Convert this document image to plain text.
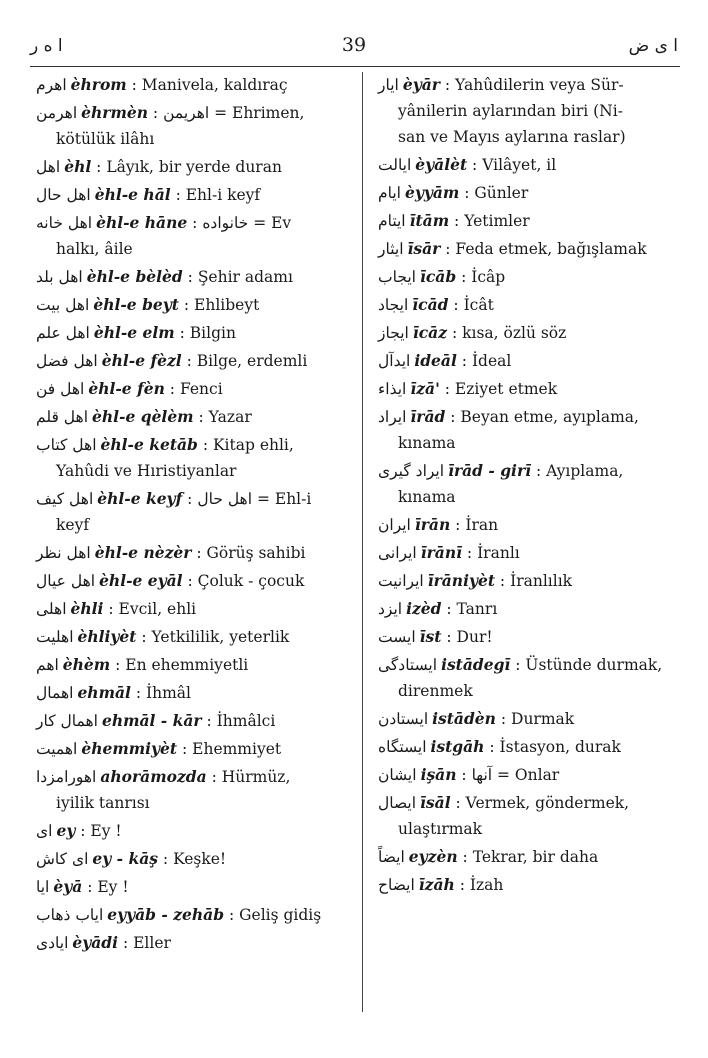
ا ه ر	39	ا ی ض
اهرم èhrom : Manivela, kaldıraç
اهرمن èhrmèn : اهریمن = Ehrimen,
kötülük ilâhı
اهل èhl : Lâyık, bir yerde duran
اهل حال èhl-e hāl : Ehl-i keyf
اهل خانه èhl-e hāne : خانواده = Ev
halkı, âile
اهل بلد èhl-e bèlèd : Şehir adamı
اهل بیت èhl-e beyt : Ehlibeyt
اهل علم èhl-e elm : Bilgin
اهل فضل èhl-e fèzl : Bilge, erdemli
اهل فن èhl-e fèn : Fenci
اهل قلم èhl-e qèlèm : Yazar
اهل کتاب èhl-e ketāb : Kitap ehli,
Yahûdi ve Hıristiyanlar
اهل کیف èhl-e keyf : اهل حال = Ehl-i
keyf
اهل نظر èhl-e nèzèr : Görüş sahibi
اهل عیال èhl-e eyāl : Çoluk - çocuk
اهلی èhli : Evcil, ehli
اهلیت èhliyèt : Yetkililik, yeterlik
اهم èhèm : En ehemmiyetli
اهمال ehmāl : İhmâl
اهمال کار ehmāl - kār : İhmâlci
اهمیت èhemmiyèt : Ehemmiyet
اهورامزدا ahorāmozda : Hürmüz,
iyilik tanrısı
ای ey : Ey !
ای کاش ey - kāş : Keşke!
ایا èyā : Ey !
ایاب ذهاب eyyāb - zehāb : Geliş gidiş
ایادی èyādi : Eller
ایار èyār : Yahûdilerin veya Sür-
yânilerin aylarından biri (Ni-
san ve Mayıs aylarına raslar)
ایالت èyālèt : Vilâyet, il
ایام èyyām : Günler
ایتام ītām : Yetimler
ایثار īsār : Feda etmek, bağışlamak
ایجاب īcāb : İcâp
ایجاد īcād : İcât
ایجاز īcāz : kısa, özlü söz
ایدآل ideāl : İdeal
ایذاء īzā' : Eziyet etmek
ایراد īrād : Beyan etme, ayıplama,
kınama
ایراد گیری īrād - girī : Ayıplama,
kınama
ایران īrān : İran
ایرانی īrānī : İranlı
ایرانیت īrāniyèt : İranlılık
ایزد izèd : Tanrı
ایست īst : Dur!
ایستادگی istādegī : Üstünde durmak,
direnmek
ایستادن istādèn : Durmak
ایستگاه istgāh : İstasyon, durak
ایشان işān : آنها = Onlar
ایصال īsāl : Vermek, göndermek,
ulaştırmak
ایضاً eyzèn : Tekrar, bir daha
ایضاح īzāh : İzah
